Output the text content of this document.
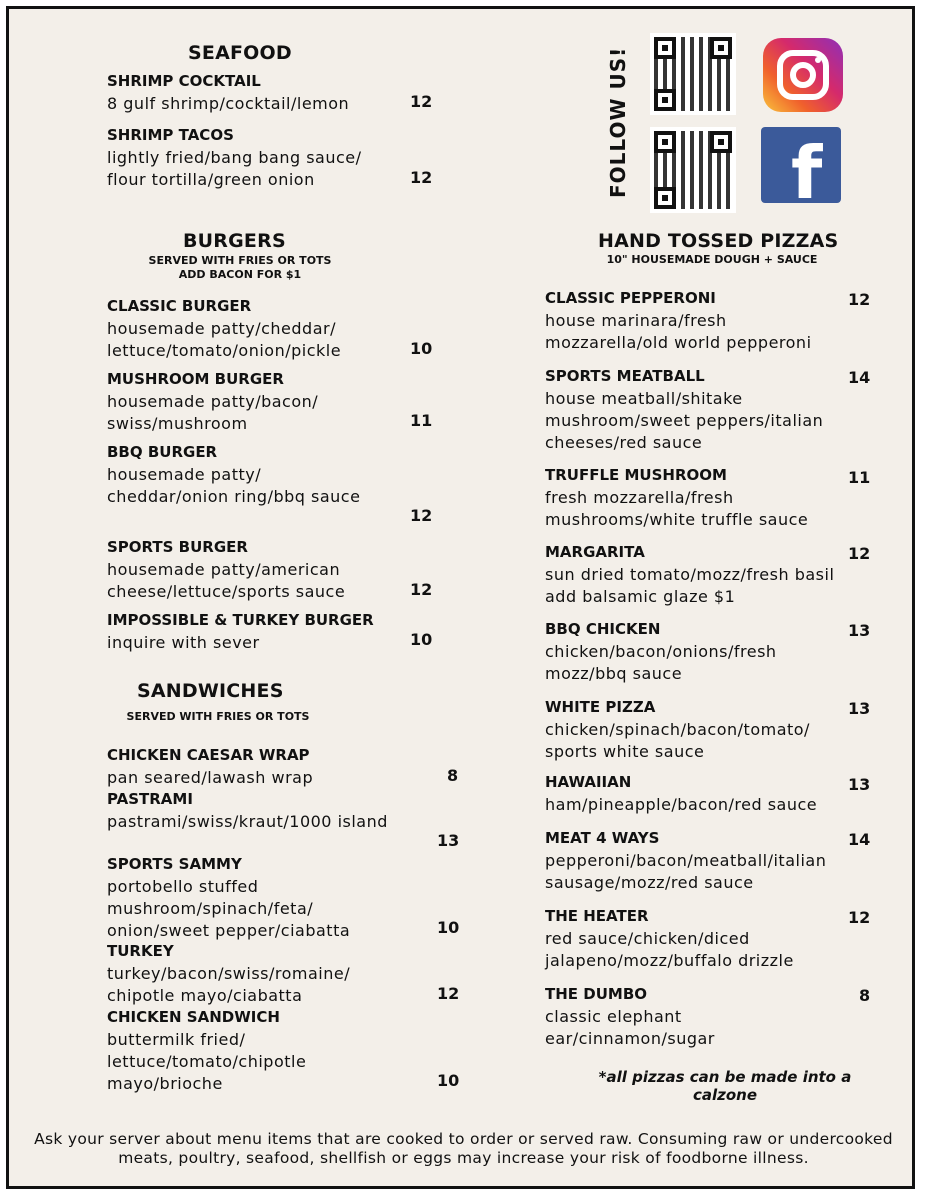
SEAFOOD
SHRIMP COCKTAIL
8 gulf shrimp/cocktail/lemon	12
SHRIMP TACOS
lightly fried/bang bang sauce/
flour tortilla/green onion	12
BURGERS
SERVED WITH FRIES OR TOTS
ADD BACON FOR $1
CLASSIC BURGER
housemade patty/cheddar/
lettuce/tomato/onion/pickle	10
MUSHROOM BURGER
housemade patty/bacon/
swiss/mushroom	11
BBQ BURGER
housemade patty/
cheddar/onion ring/bbq sauce
12
SPORTS BURGER
housemade patty/american
cheese/lettuce/sports sauce	12
IMPOSSIBLE & TURKEY BURGER
inquire with sever	10
SANDWICHES
SERVED WITH FRIES OR TOTS
CHICKEN CAESAR WRAP
pan seared/lawash wrap	8
PASTRAMI
pastrami/swiss/kraut/1000 island
13
SPORTS SAMMY
portobello stuffed
mushroom/spinach/feta/
onion/sweet pepper/ciabatta	10
TURKEY
turkey/bacon/swiss/romaine/
chipotle mayo/ciabatta	12
CHICKEN SANDWICH
buttermilk fried/
lettuce/tomato/chipotle
mayo/brioche	10
FOLLOW US! f
HAND TOSSED PIZZAS
10" HOUSEMADE DOUGH + SAUCE
CLASSIC PEPPERONI
house marinara/fresh
mozzarella/old world pepperoni
12
SPORTS MEATBALL
house meatball/shitake
mushroom/sweet peppers/italian
cheeses/red sauce
14
TRUFFLE MUSHROOM
fresh mozzarella/fresh
mushrooms/white truffle sauce
11
MARGARITA
sun dried tomato/mozz/fresh basil
add balsamic glaze $1
12
BBQ CHICKEN
chicken/bacon/onions/fresh
mozz/bbq sauce
13
WHITE PIZZA
chicken/spinach/bacon/tomato/
sports white sauce
13
HAWAIIAN
ham/pineapple/bacon/red sauce
13
MEAT 4 WAYS
pepperoni/bacon/meatball/italian
sausage/mozz/red sauce
14
THE HEATER
red sauce/chicken/diced
jalapeno/mozz/buffalo drizzle
12
THE DUMBO
classic elephant
ear/cinnamon/sugar
8
*all pizzas can be made into a calzone
Ask your server about menu items that are cooked to order or served raw. Consuming raw or undercooked meats, poultry, seafood, shellfish or eggs may increase your risk of foodborne illness.
